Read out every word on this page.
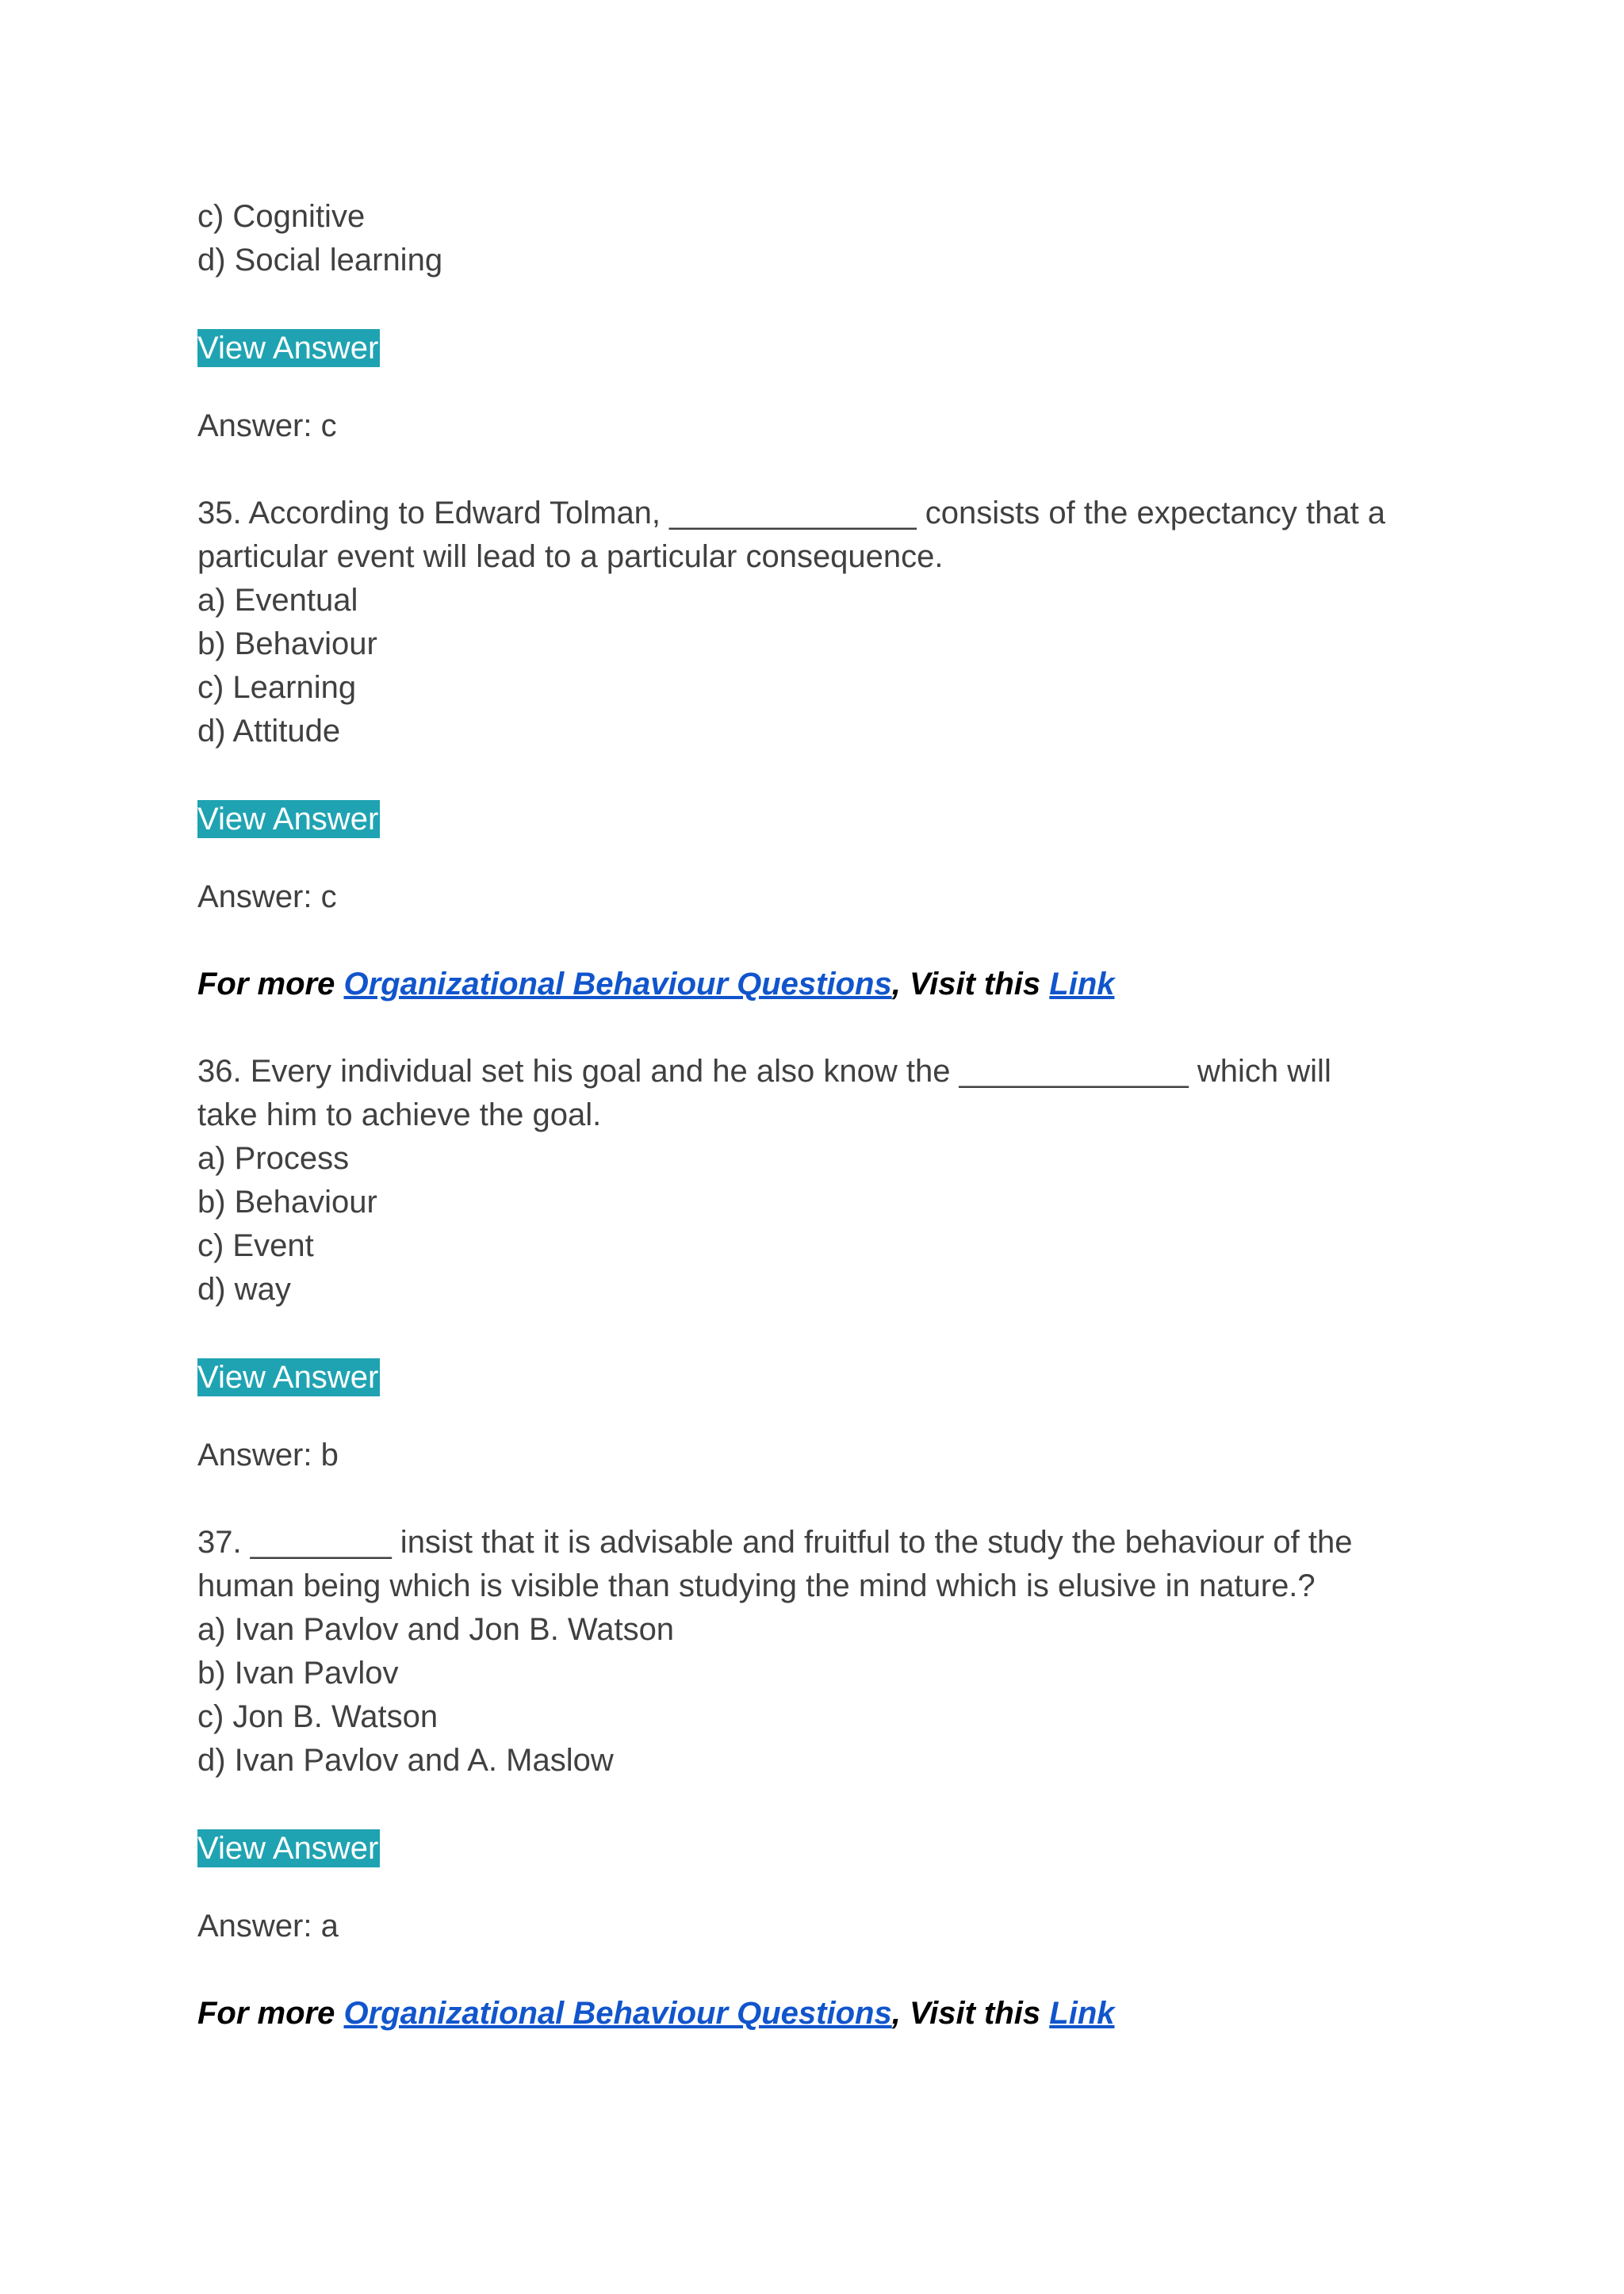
c) Cognitive
d) Social learning
View Answer
Answer: c
35. According to Edward Tolman, ______________ consists of the expectancy that a
particular event will lead to a particular consequence.
a) Eventual
b) Behaviour
c) Learning
d) Attitude
View Answer
Answer: c
For more Organizational Behaviour Questions, Visit this Link
36. Every individual set his goal and he also know the _____________ which will
take him to achieve the goal.
a) Process
b) Behaviour
c) Event
d) way
View Answer
Answer: b
37. ________ insist that it is advisable and fruitful to the study the behaviour of the
human being which is visible than studying the mind which is elusive in nature.?
a) Ivan Pavlov and Jon B. Watson
b) Ivan Pavlov
c) Jon B. Watson
d) Ivan Pavlov and A. Maslow
View Answer
Answer: a
For more Organizational Behaviour Questions, Visit this Link
